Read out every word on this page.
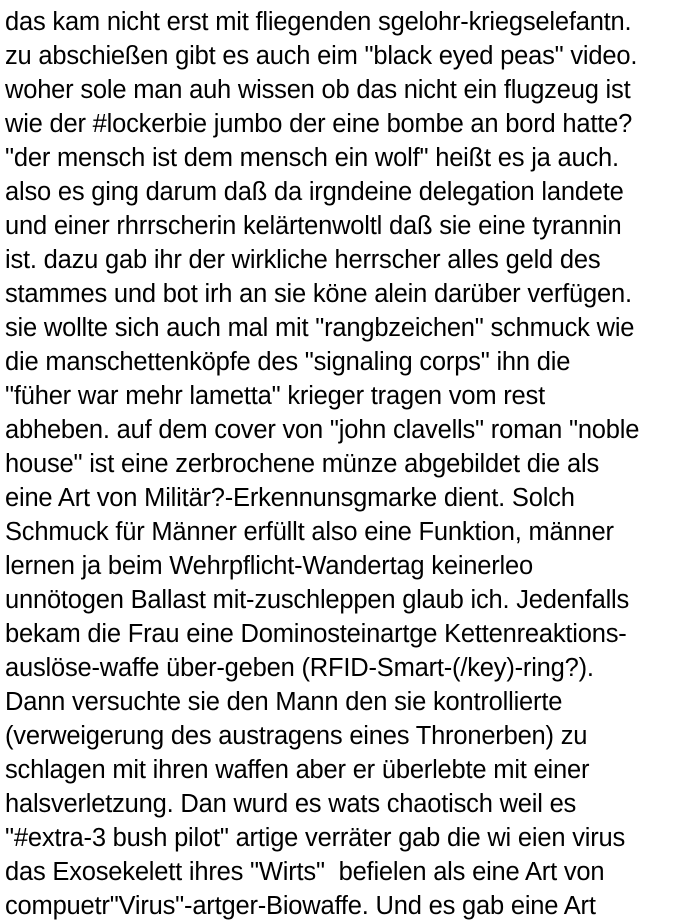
das kam nicht erst mit fliegenden sgelohr-kriegselefantn.
zu abschießen gibt es auch eim "black eyed peas" video.
woher sole man auh wissen ob das nicht ein flugzeug ist
wie der #lockerbie jumbo der eine bombe an bord hatte?
"der mensch ist dem mensch ein wolf" heißt es ja auch.
also es ging darum daß da irgndeine delegation landete
und einer rhrrscherin kelärtenwoltl daß sie eine tyrannin
ist. dazu gab ihr der wirkliche herrscher alles geld des
stammes und bot irh an sie köne alein darüber verfügen.
sie wollte sich auch mal mit "rangbzeichen" schmuck wie
die manschettenköpfe des "signaling corps" ihn die
"füher war mehr lametta" krieger tragen vom rest
abheben. auf dem cover von "john clavells" roman "noble
house" ist eine zerbrochene münze abgebildet die als
eine Art von Militär?-Erkennunsgmarke dient. Solch
Schmuck für Männer erfüllt also eine Funktion, männer
lernen ja beim Wehrpflicht-Wandertag keinerleo
unnötogen Ballast mit-zuschleppen glaub ich. Jedenfalls
bekam die Frau eine Dominosteinartge Kettenreaktions-
auslöse-waffe über-geben (RFID-Smart-(/key)-ring?).
Dann versuchte sie den Mann den sie kontrollierte
(verweigerung des austragens eines Thronerben) zu
schlagen mit ihren waffen aber er überlebte mit einer
halsverletzung. Dan wurd es wats chaotisch weil es
"#extra-3 bush pilot" artige verräter gab die wi eien virus
das Exosekelett ihres "Wirts"  befielen als eine Art von
compuetr"Virus"-artger-Biowaffe. Und es gab eine Art
